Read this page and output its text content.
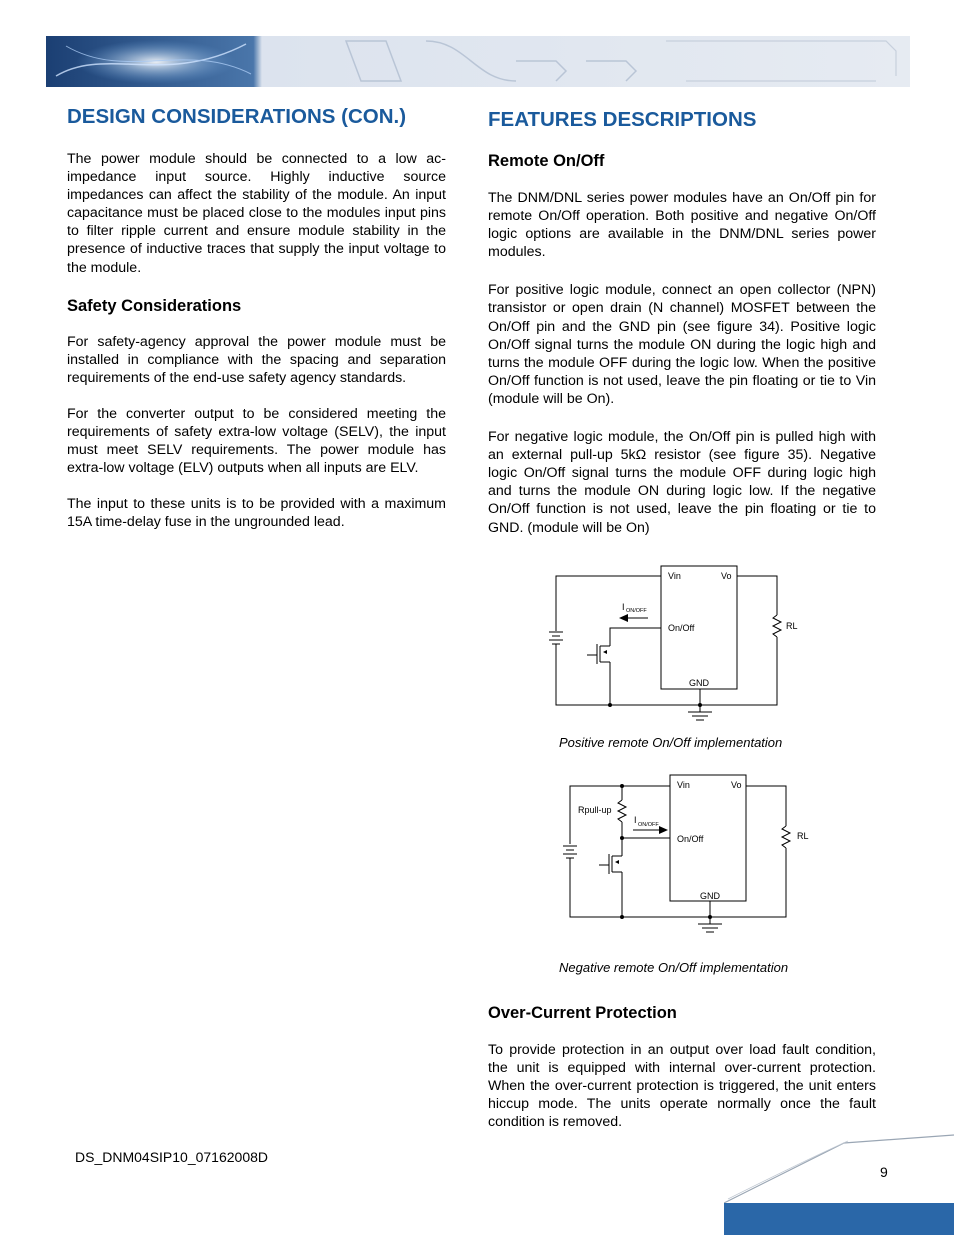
DESIGN CONSIDERATIONS (CON.)

The power module should be connected to a low ac-impedance input source. Highly inductive source impedances can affect the stability of the module. An input capacitance must be placed close to the modules input pins to filter ripple current and ensure module stability in the presence of inductive traces that supply the input voltage to the module.

Safety Considerations

For safety-agency approval the power module must be installed in compliance with the spacing and separation requirements of the end-use safety agency standards.

For the converter output to be considered meeting the requirements of safety extra-low voltage (SELV), the input must meet SELV requirements. The power module has extra-low voltage (ELV) outputs when all inputs are ELV.

The input to these units is to be provided with a maximum 15A time-delay fuse in the ungrounded lead.

FEATURES DESCRIPTIONS
Remote On/Off

The DNM/DNL series power modules have an On/Off pin for remote On/Off operation. Both positive and negative On/Off logic options are available in the DNM/DNL series power modules.

For positive logic module, connect an open collector (NPN) transistor or open drain (N channel) MOSFET between the On/Off pin and the GND pin (see figure 34). Positive logic On/Off signal turns the module ON during the logic high and turns the module OFF during the logic low. When the positive On/Off function is not used, leave the pin floating or tie to Vin (module will be On).

For negative logic module, the On/Off pin is pulled high with an external pull-up 5kΩ resistor (see figure 35). Negative logic On/Off signal turns the module OFF during logic high and turns the module ON during logic low. If the negative On/Off function is not used, leave the pin floating or tie to GND. (module will be On)

Vin	Vo
On/Off
GND
RL
I ON/OFF
Positive remote On/Off implementation
Vin	Vo
On/Off
GND
RL
Rpull-up
I ON/OFF
Negative remote On/Off implementation
Over-Current Protection

To provide protection in an output over load fault condition, the unit is equipped with internal over-current protection. When the over-current protection is triggered, the unit enters hiccup mode. The units operate normally once the fault condition is removed.

DS_DNM04SIP10_07162008D
9
